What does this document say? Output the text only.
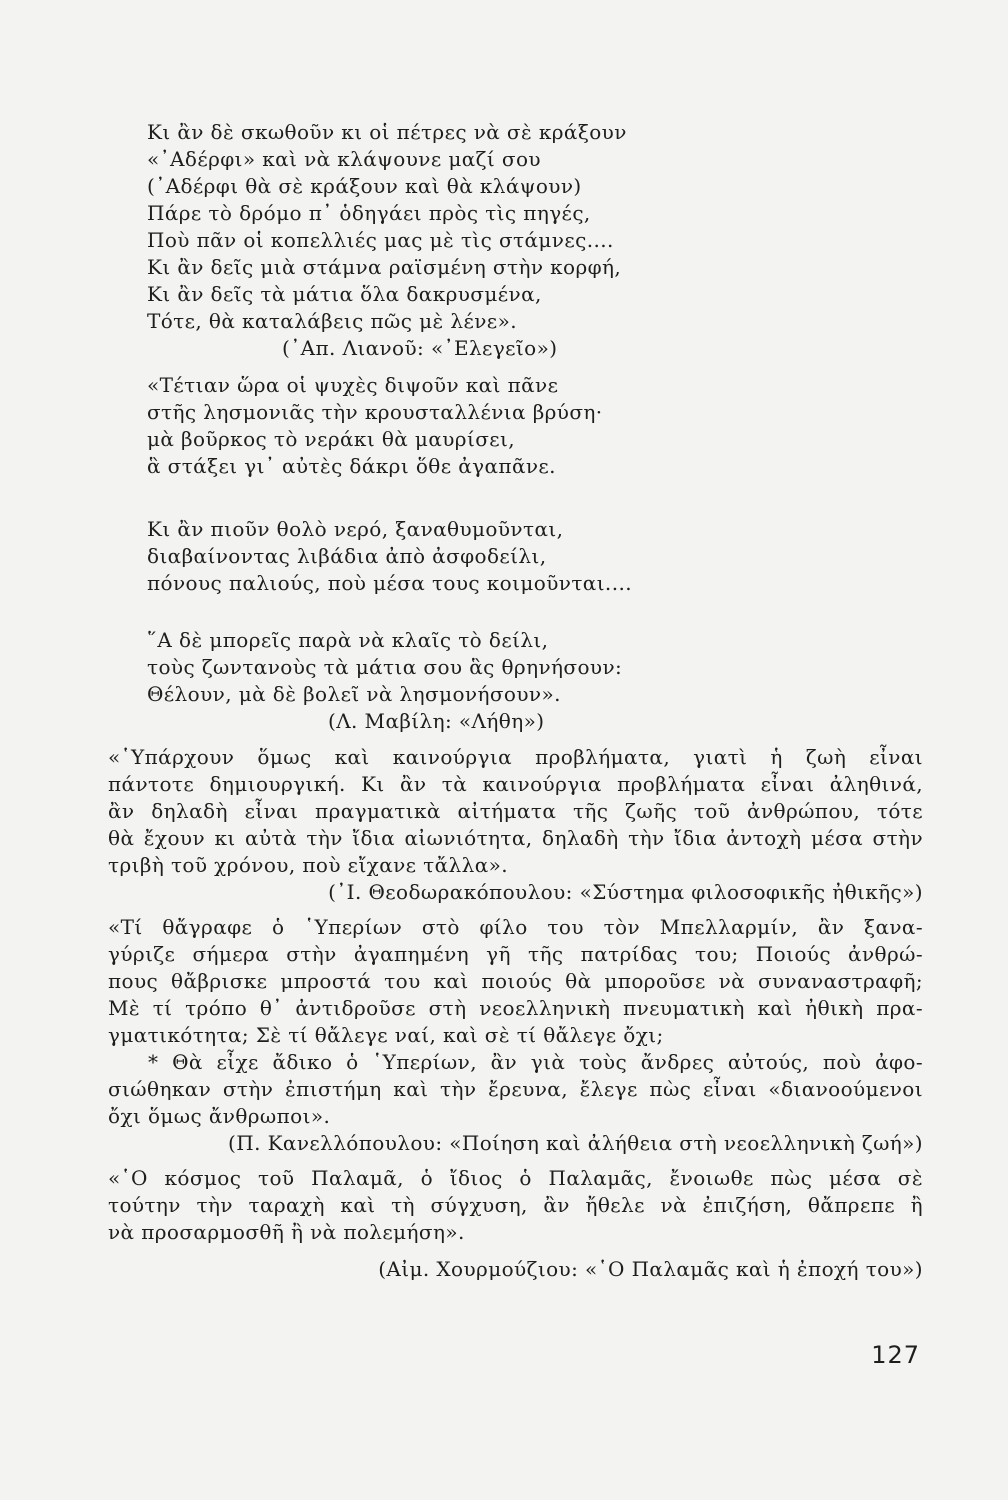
Κι ἂν δὲ σκωθοῦν κι οἱ πέτρες νὰ σὲ κράξουν
«᾿Αδέρφι» καὶ νὰ κλάψουνε μαζί σου
(᾿Αδέρφι θὰ σὲ κράξουν καὶ θὰ κλάψουν)
Πάρε τὸ δρόμο π᾿ ὁδηγάει πρὸς τὶς πηγές,
Ποὺ πᾶν οἱ κοπελλιές μας μὲ τὶς στάμνες....
Κι ἂν δεῖς μιὰ στάμνα ραϊσμένη στὴν κορφή,
Κι ἂν δεῖς τὰ μάτια ὅλα δακρυσμένα,
Τότε, θὰ καταλάβεις πῶς μὲ λένε».
(᾿Απ. Λιανοῦ: «᾿Ελεγεῖο»)
«Τέτιαν ὥρα οἱ ψυχὲς διψοῦν καὶ πᾶνε
στῆς λησμονιᾶς τὴν κρουσταλλένια βρύση·
μὰ βοῦρκος τὸ νεράκι θὰ μαυρίσει,
ἃ στάξει γι᾿ αὐτὲς δάκρι ὅθε ἀγαπᾶνε.
Κι ἂν πιοῦν θολὸ νερό, ξαναθυμοῦνται,
διαβαίνοντας λιβάδια ἀπὸ ἀσφοδείλι,
πόνους παλιούς, ποὺ μέσα τους κοιμοῦνται....
῞Α δὲ μπορεῖς παρὰ νὰ κλαῖς τὸ δείλι,
τοὺς ζωντανοὺς τὰ μάτια σου ἃς θρηνήσουν:
Θέλουν, μὰ δὲ βολεῖ νὰ λησμονήσουν».
(Λ. Μαβίλη: «Λήθη»)
«῾Υπάρχουν ὅμως καὶ καινούργια προβλήματα, γιατὶ ἡ ζωὴ εἶναι
πάντοτε δημιουργική. Κι ἂν τὰ καινούργια προβλήματα εἶναι ἀληθινά,
ἂν δηλαδὴ εἶναι πραγματικὰ αἰτήματα τῆς ζωῆς τοῦ ἀνθρώπου, τότε
θὰ ἔχουν κι αὐτὰ τὴν ἴδια αἰωνιότητα, δηλαδὴ τὴν ἴδια ἀντοχὴ μέσα στὴν
τριβὴ τοῦ χρόνου, ποὺ εἴχανε τἄλλα».
(᾿Ι. Θεοδωρακόπουλου: «Σύστημα φιλοσοφικῆς ἠθικῆς»)
«Τί θἄγραφε ὁ ῾Υπερίων στὸ φίλο του τὸν Μπελλαρμίν, ἂν ξανα-
γύριζε σήμερα στὴν ἀγαπημένη γῆ τῆς πατρίδας του; Ποιούς ἀνθρώ-
πους θἄβρισκε μπροστά του καὶ ποιούς θὰ μποροῦσε νὰ συναναστραφῆ;
Μὲ τί τρόπο θ᾿ ἀντιδροῦσε στὴ νεοελληνικὴ πνευματικὴ καὶ ἠθικὴ πρα-
γματικότητα; Σὲ τί θἄλεγε ναί, καὶ σὲ τί θἄλεγε ὄχι;
* Θὰ εἶχε ἄδικο ὁ ῾Υπερίων, ἂν γιὰ τοὺς ἄνδρες αὐτούς, ποὺ ἀφο-
σιώθηκαν στὴν ἐπιστήμη καὶ τὴν ἔρευνα, ἔλεγε πὼς εἶναι «διανοούμενοι
ὄχι ὅμως ἄνθρωποι».
(Π. Κανελλόπουλου: «Ποίηση καὶ ἀλήθεια στὴ νεοελληνικὴ ζωή»)
«῾Ο κόσμος τοῦ Παλαμᾶ, ὁ ἴδιος ὁ Παλαμᾶς, ἔνοιωθε πὼς μέσα σὲ
τούτην τὴν ταραχὴ καὶ τὴ σύγχυση, ἂν ἤθελε νὰ ἐπιζήση, θἄπρεπε ἢ
νὰ προσαρμοσθῆ ἢ νὰ πολεμήση».
(Αἰμ. Χουρμούζιου: «῾Ο Παλαμᾶς καὶ ἡ ἐποχή του»)
127
